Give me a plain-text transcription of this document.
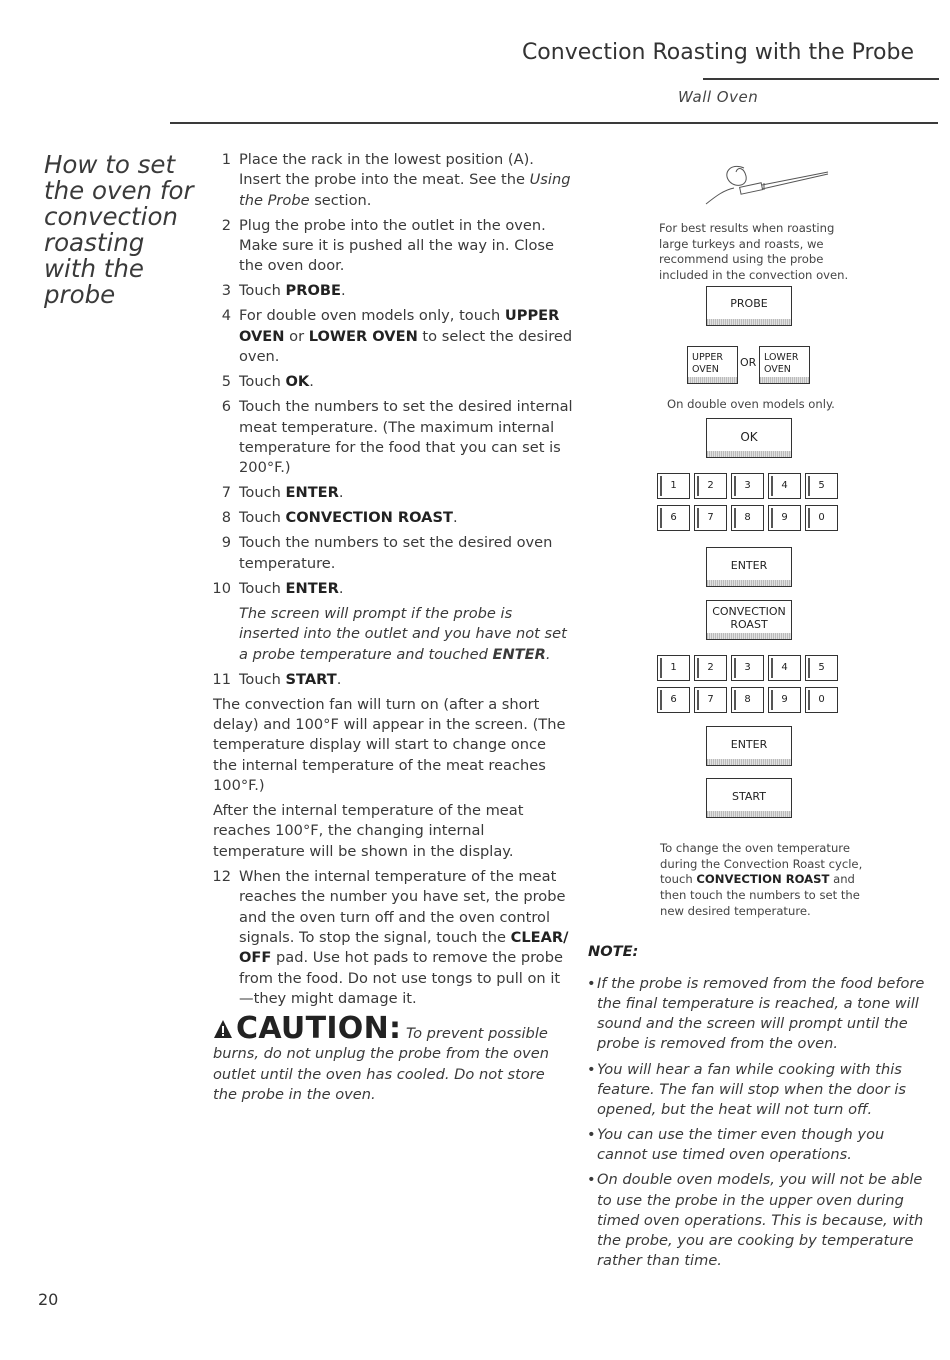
Convection Roasting with the Probe
Wall Oven
How to set
the oven for
convection
roasting
with the
probe
1 Place the rack in the lowest position (A). Insert the probe into the meat. See the Using the Probe section.
2 Plug the probe into the outlet in the oven. Make sure it is pushed all the way in. Close the oven door.
3 Touch PROBE.
4 For double oven models only, touch UPPER OVEN or LOWER OVEN to select the desired oven.
5 Touch OK.
6 Touch the numbers to set the desired internal meat temperature. (The maximum internal temperature for the food that you can set is 200°F.)
7 Touch ENTER.
8 Touch CONVECTION ROAST.
9 Touch the numbers to set the desired oven temperature.
10 Touch ENTER.
The screen will prompt if the probe is inserted into the outlet and you have not set a probe temperature and touched ENTER.
11 Touch START.
The convection fan will turn on (after a short delay) and 100°F will appear in the screen. (The temperature display will start to change once the internal temperature of the meat reaches 100°F.)
After the internal temperature of the meat reaches 100°F, the changing internal temperature will be shown in the display.
12 When the internal temperature of the meat reaches the number you have set, the probe and the oven turn off and the oven control signals. To stop the signal, touch the CLEAR/ OFF pad. Use hot pads to remove the probe from the food. Do not use tongs to pull on it—they might damage it.
CAUTION: To prevent possible burns, do not unplug the probe from the oven outlet until the oven has cooled. Do not store the probe in the oven.
For best results when roasting large turkeys and roasts, we recommend using the probe included in the convection oven.
PROBE
UPPER
OVEN
OR LOWER
OVEN
On double oven models only.
OK
1	2	3	4	5
6	7	8	9	0
ENTER
CONVECTION
ROAST
1	2	3	4	5
6	7	8	9	0
ENTER
START
To change the oven temperature during the Convection Roast cycle, touch CONVECTION ROAST and then touch the numbers to set the new desired temperature.
NOTE:
• If the probe is removed from the food before the final temperature is reached, a tone will sound and the screen will prompt until the probe is removed from the oven.
• You will hear a fan while cooking with this feature. The fan will stop when the door is opened, but the heat will not turn off.
• You can use the timer even though you cannot use timed oven operations.
• On double oven models, you will not be able to use the probe in the upper oven during timed oven operations. This is because, with the probe, you are cooking by temperature rather than time.
20
